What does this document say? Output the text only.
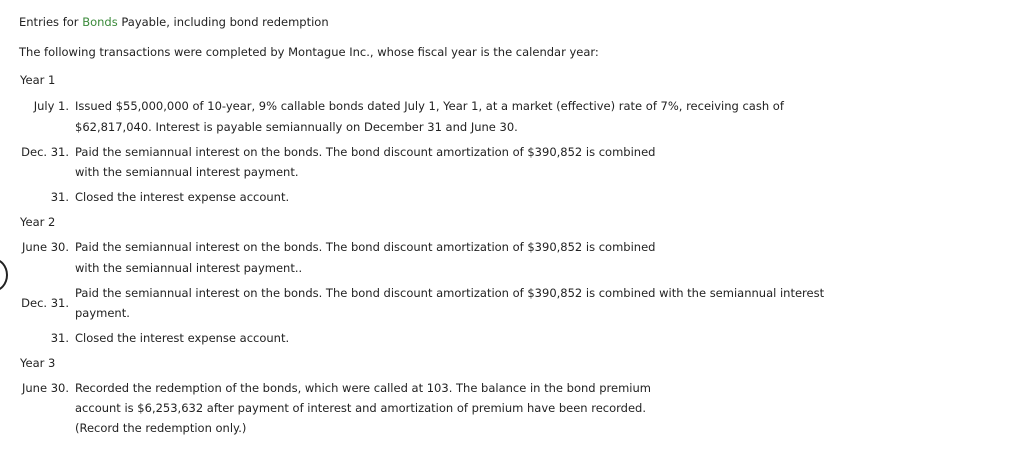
Entries for Bonds Payable, including bond redemption
The following transactions were completed by Montague Inc., whose fiscal year is the calendar year:
Year 1
July 1. Issued $55,000,000 of 10-year, 9% callable bonds dated July 1, Year 1, at a market (effective) rate of 7%, receiving cash of
$62,817,040. Interest is payable semiannually on December 31 and June 30.
Dec. 31. Paid the semiannual interest on the bonds. The bond discount amortization of $390,852 is combined
with the semiannual interest payment.
31. Closed the interest expense account.
Year 2
June 30. Paid the semiannual interest on the bonds. The bond discount amortization of $390,852 is combined
with the semiannual interest payment..
Dec. 31.
Paid the semiannual interest on the bonds. The bond discount amortization of $390,852 is combined with the semiannual interest
payment.
31. Closed the interest expense account.
Year 3
June 30. Recorded the redemption of the bonds, which were called at 103. The balance in the bond premium
account is $6,253,632 after payment of interest and amortization of premium have been recorded.
(Record the redemption only.)
